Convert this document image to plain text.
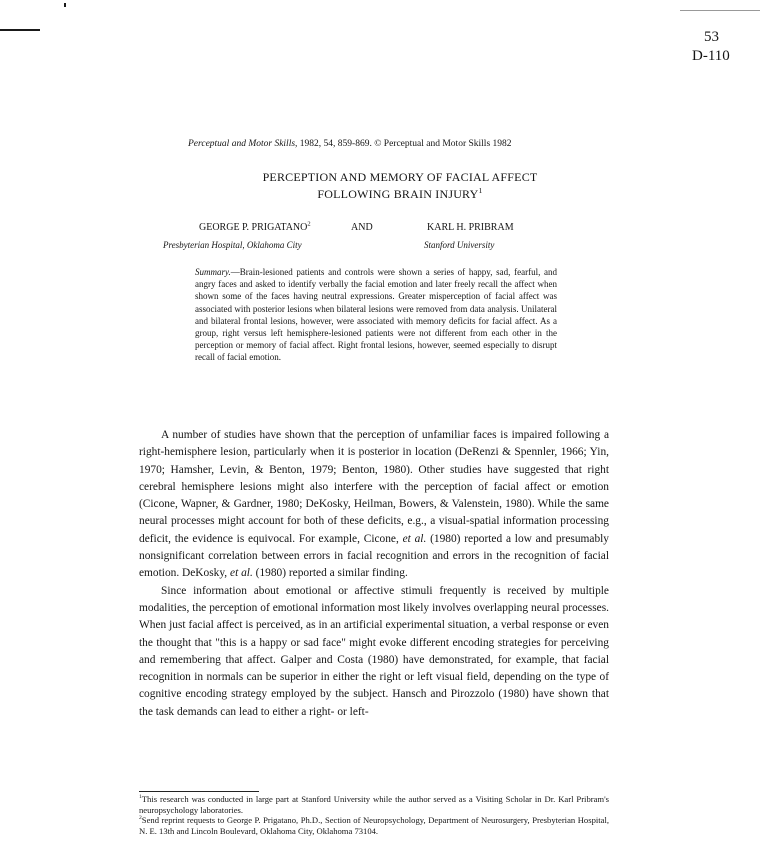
53
D-110
Perceptual and Motor Skills, 1982, 54, 859-869. © Perceptual and Motor Skills 1982
PERCEPTION AND MEMORY OF FACIAL AFFECT
FOLLOWING BRAIN INJURY$^1$
GEORGE P. PRIGATANO$^2$	AND	KARL H. PRIBRAM
Presbyterian Hospital, Oklahoma City	Stanford University
Summary.—Brain-lesioned patients and controls were shown a series of happy, sad, fearful, and angry faces and asked to identify verbally the facial emotion and later freely recall the affect when shown some of the faces having neutral expressions. Greater misperception of facial affect was associated with posterior lesions when bilateral lesions were removed from data analysis. Unilateral and bilateral frontal lesions, however, were associated with memory deficits for facial affect. As a group, right versus left hemisphere-lesioned patients were not different from each other in the perception or memory of facial affect. Right frontal lesions, however, seemed especially to disrupt recall of facial emotion.

A number of studies have shown that the perception of unfamiliar faces is impaired following a right-hemisphere lesion, particularly when it is posterior in location (DeRenzi & Spennler, 1966; Yin, 1970; Hamsher, Levin, & Benton, 1979; Benton, 1980). Other studies have suggested that right cerebral hemisphere lesions might also interfere with the perception of facial affect or emotion (Cicone, Wapner, & Gardner, 1980; DeKosky, Heilman, Bowers, & Valenstein, 1980). While the same neural processes might account for both of these deficits, e.g., a visual-spatial information processing deficit, the evidence is equivocal. For example, Cicone, et al. (1980) reported a low and presumably nonsignificant correlation between errors in facial recognition and errors in the recognition of facial emotion. DeKosky, et al. (1980) reported a similar finding.

Since information about emotional or affective stimuli frequently is received by multiple modalities, the perception of emotional information most likely involves overlapping neural processes. When just facial affect is perceived, as in an artificial experimental situation, a verbal response or even the thought that "this is a happy or sad face" might evoke different encoding strategies for perceiving and remembering that affect. Galper and Costa (1980) have demonstrated, for example, that facial recognition in normals can be superior in either the right or left visual field, depending on the type of cognitive encoding strategy employed by the subject. Hansch and Pirozzolo (1980) have shown that the task demands can lead to either a right- or left-

$^1$This research was conducted in large part at Stanford University while the author served as a Visiting Scholar in Dr. Karl Pribram's neuropsychology laboratories.

$^2$Send reprint requests to George P. Prigatano, Ph.D., Section of Neuropsychology, Department of Neurosurgery, Presbyterian Hospital, N. E. 13th and Lincoln Boulevard, Oklahoma City, Oklahoma 73104.
